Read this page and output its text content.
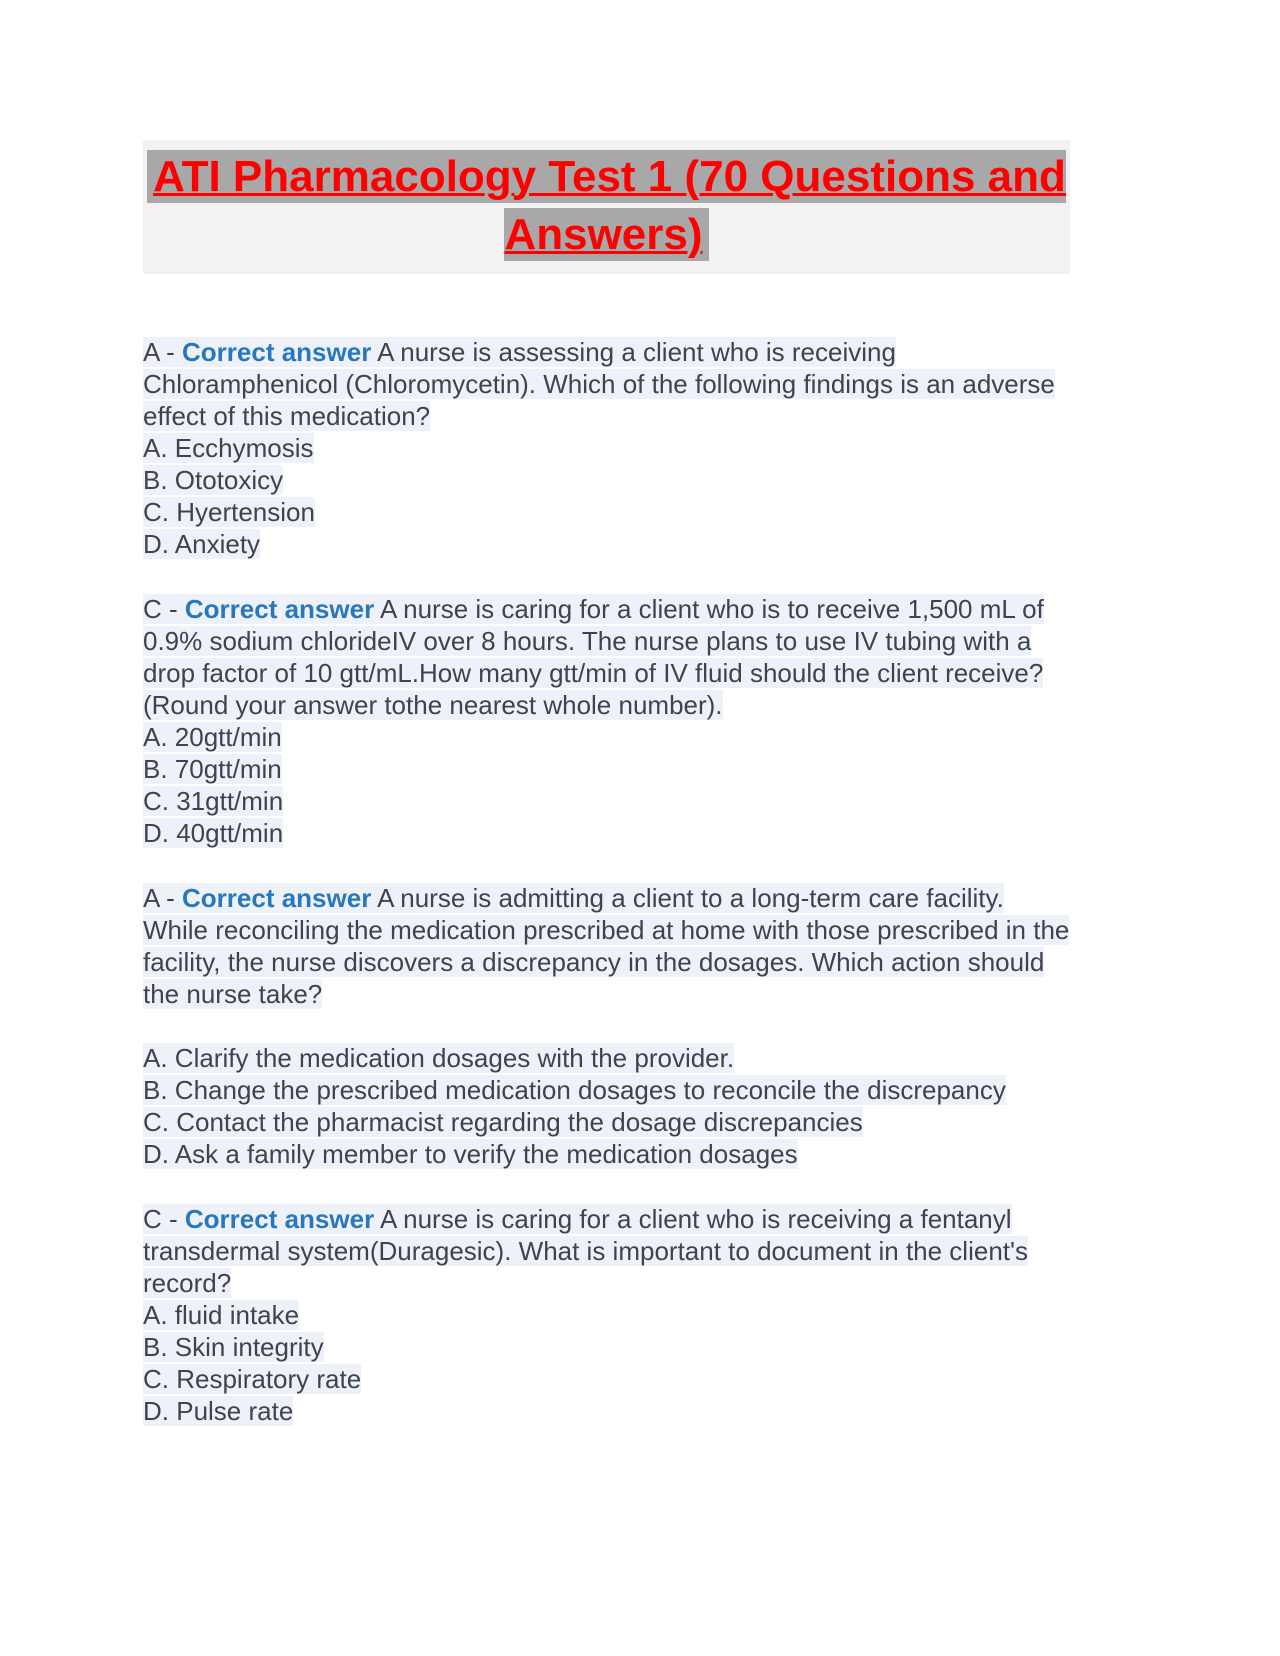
ATI Pharmacology Test 1 (70 Questions and Answers)

A - Correct answer A nurse is assessing a client who is receiving Chloramphenicol (Chloromycetin). Which of the following findings is an adverse effect of this medication?

A. Ecchymosis
B. Ototoxicy
C. Hyertension
D. Anxiety

C - Correct answer A nurse is caring for a client who is to receive 1,500 mL of 0.9% sodium chlorideIV over 8 hours. The nurse plans to use IV tubing with a drop factor of 10 gtt/mL.How many gtt/min of IV fluid should the client receive? (Round your answer tothe nearest whole number).

A. 20gtt/min
B. 70gtt/min
C. 31gtt/min
D. 40gtt/min

A - Correct answer A nurse is admitting a client to a long-term care facility. While reconciling the medication prescribed at home with those prescribed in the facility, the nurse discovers a discrepancy in the dosages. Which action should the nurse take?

A. Clarify the medication dosages with the provider.
B. Change the prescribed medication dosages to reconcile the discrepancy
C. Contact the pharmacist regarding the dosage discrepancies
D. Ask a family member to verify the medication dosages

C - Correct answer A nurse is caring for a client who is receiving a fentanyl transdermal system(Duragesic). What is important to document in the client's record?

A. fluid intake
B. Skin integrity
C. Respiratory rate
D. Pulse rate
